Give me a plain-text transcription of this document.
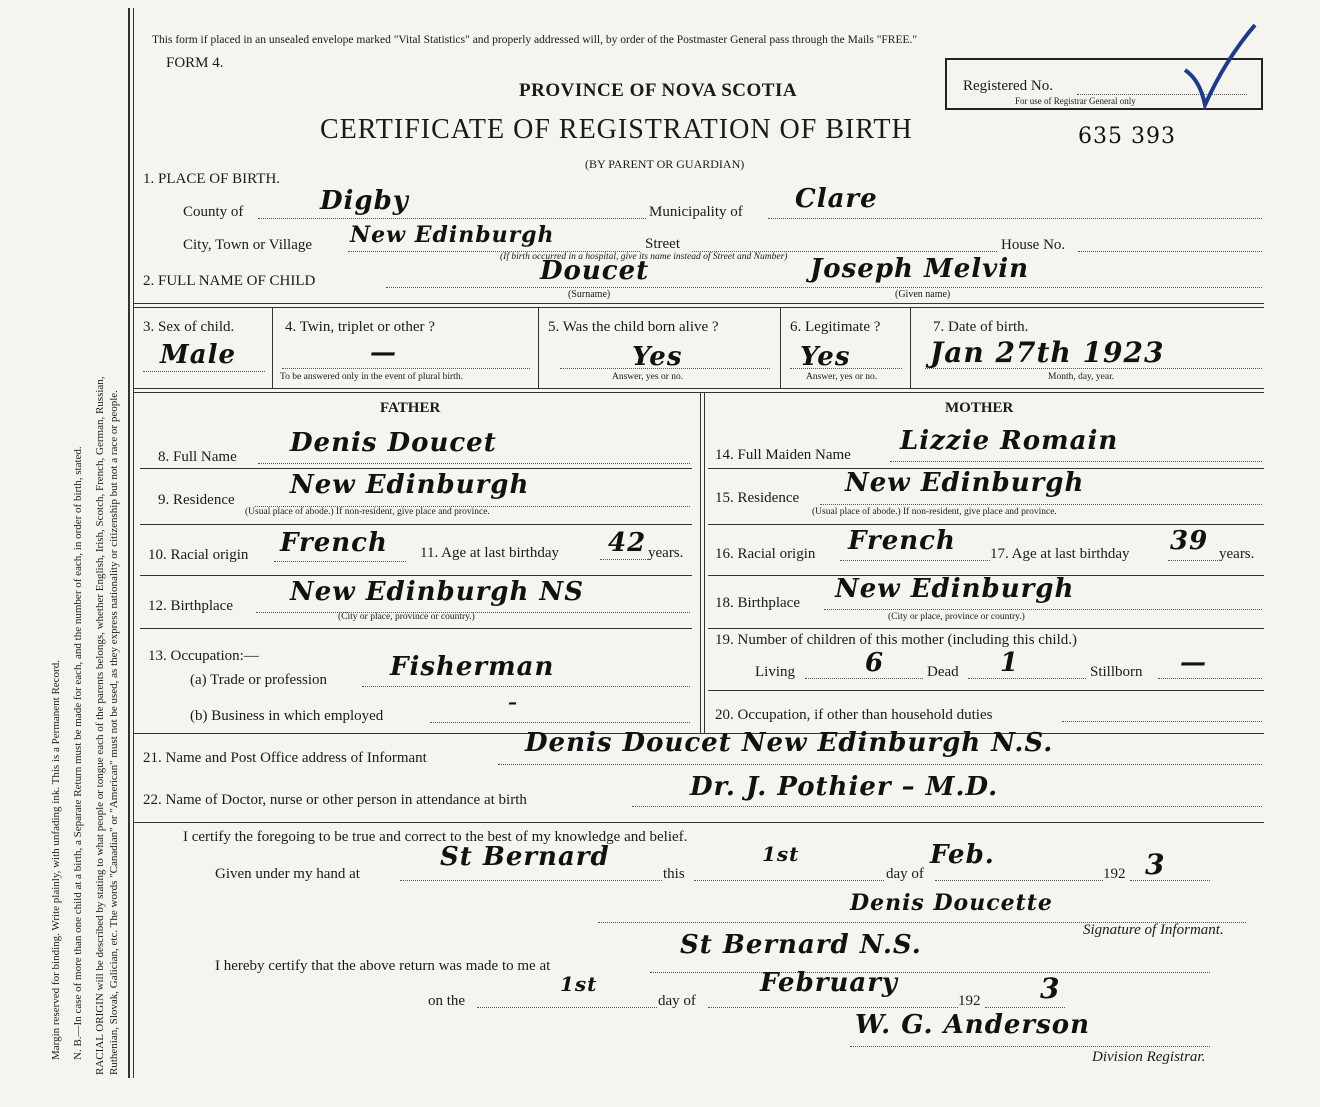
Margin reserved for binding. Write plainly, with unfading ink. This is a Permanent Record. N. B.—In case of more than one child at a birth, a Separate Return must be made for each, and the number of each, in order of birth, stated. RACIAL ORIGIN will be described by stating to what people or tongue each of the parents belongs, whether English, Irish, Scotch, French, German, Russian, Ruthenian, Slovak, Galician, etc. The words "Canadian" or "American" must not be used, as they express nationality or citizenship but not a race or people.
This form if placed in an unsealed envelope marked "Vital Statistics" and properly addressed will, by order of the Postmaster General pass through the Mails "FREE."
FORM 4.
PROVINCE OF NOVA SCOTIA
CERTIFICATE OF REGISTRATION OF BIRTH
(BY PARENT OR GUARDIAN)
635 393
Registered No.
For use of Registrar General only
1. PLACE OF BIRTH.
County of	Digby	Municipality of Clare
City, Town or Village New Edinburgh	Street	House No.
(If birth occurred in a hospital, give its name instead of Street and Number)
2. FULL NAME OF CHILD	Doucet	Joseph Melvin
(Surname)	(Given name)
3. Sex of child.
Male
4. Twin, triplet or other ?
—
To be answered only in the event of plural birth.
5. Was the child born alive ?
Yes
Answer, yes or no.
6. Legitimate ?
Yes
Answer, yes or no.
7. Date of birth.
Jan 27th 1923
Month, day, year.
FATHER	MOTHER
8. Full Name Denis Doucet
9. Residence New Edinburgh
(Usual place of abode.) If non-resident, give place and province.
10. Racial origin French 11. Age at last birthday 42 years.
12. Birthplace New Edinburgh NS
(City or place, province or country.)
13. Occupation:—
(a) Trade or profession Fisherman
(b) Business in which employed
–
14. Full Maiden Name Lizzie Romain
15. Residence New Edinburgh
(Usual place of abode.) If non-resident, give place and province.
16. Racial origin French 17. Age at last birthday 39 years.
18. Birthplace New Edinburgh
(City or place, province or country.)
19. Number of children of this mother (including this child.)
Living	6	Dead 1	Stillborn —
20. Occupation, if other than household duties
21. Name and Post Office address of Informant	Denis Doucet New Edinburgh N.S.
22. Name of Doctor, nurse or other person in attendance at birth	Dr. J. Pothier – M.D.
I certify the foregoing to be true and correct to the best of my knowledge and belief.
Given under my hand at
St Bernard
this
1st
day of
Feb.
192 3
Denis Doucette
Signature of Informant.
I hereby certify that the above return was made to me at
St Bernard N.S.
on the
1st
day of
February
192 3
W. G. Anderson
Division Registrar.
